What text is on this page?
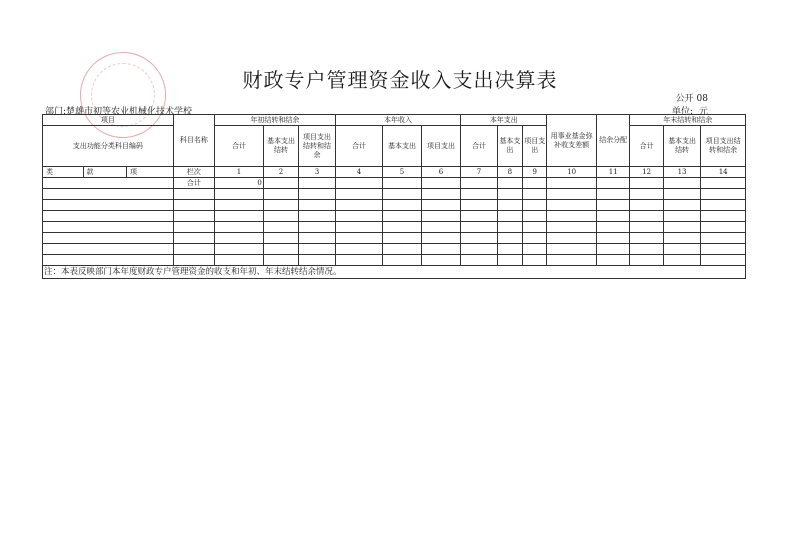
财政专户管理资金收入支出决算表
公开 08
单位: 元
部门:楚雄市初等农业机械化技术学校
项目			科目名称	年初结转和结余			本年收入			本年支出			用事业基金弥补收支差额	结余分配	年末结转和结余		
支出功能分类科目编码				合计	基本支出结转	项目支出结转和结余	合计	基本支出	项目支出	合计	基本支出	项目支出			合计	基本支出结转	项目支出结转和结余
类	款	项	栏次	1	2	3	4	5	6	7	8	9	10	11	12	13	14
			合计	0													

注：本表反映部门本年度财政专户管理资金的收支和年初、年末结转结余情况。																	
